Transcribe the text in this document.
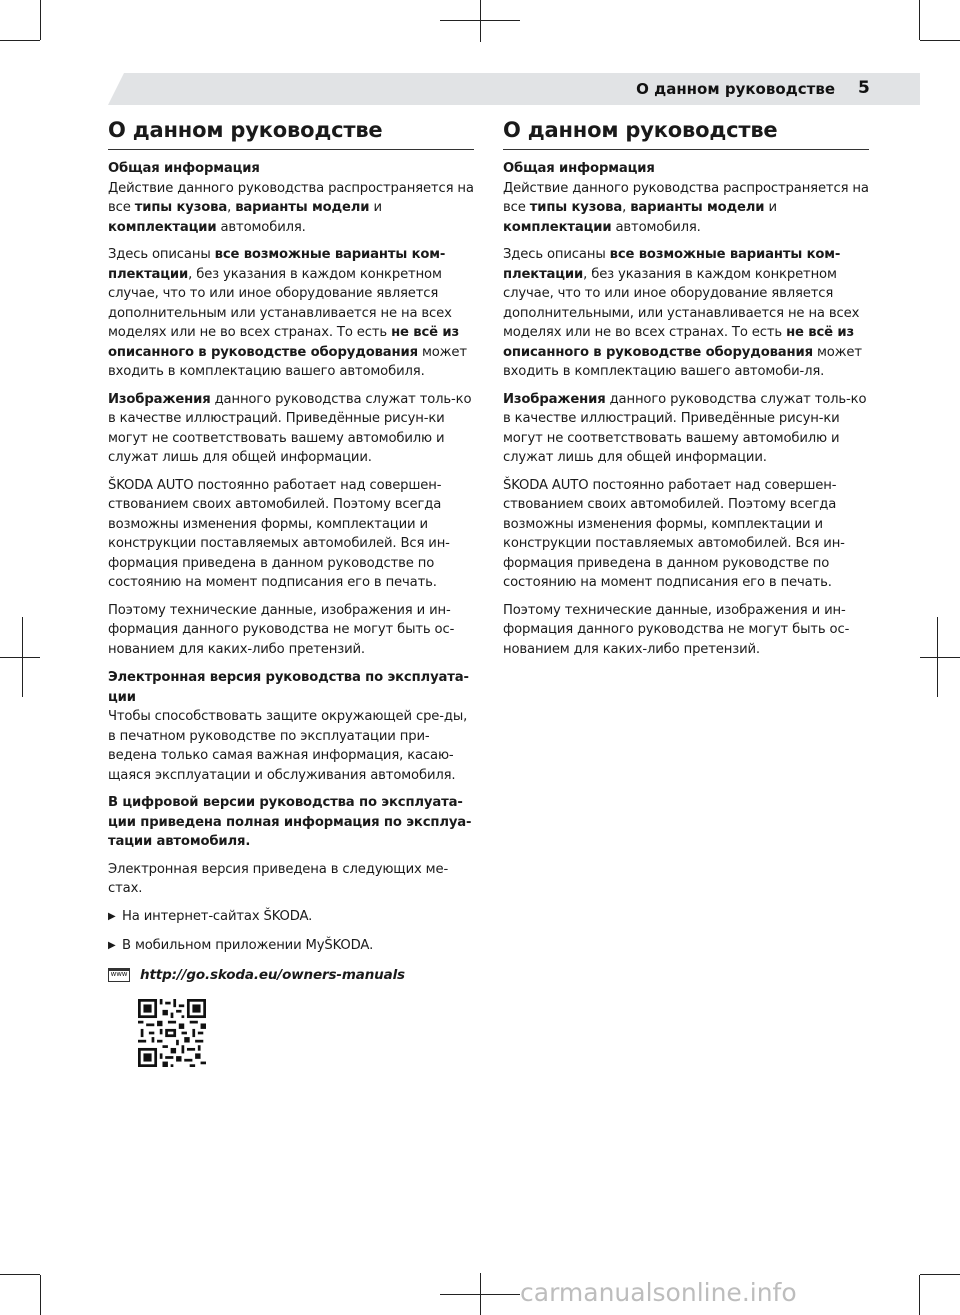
О данном руководстве 5
О данном руководстве

Общая информация
Действие данного руководства распространяется на все типы кузова, варианты модели и комплектации автомобиля.

Здесь описаны все возможные варианты ком-плектации, без указания в каждом конкретном случае, что то или иное оборудование является дополнительным или устанавливается не на всех моделях или не во всех странах. То есть не всё из описанного в руководстве оборудования может входить в комплектацию вашего автомобиля.

Изображения данного руководства служат толь-ко в качестве иллюстраций. Приведённые рисун-ки могут не соответствовать вашему автомобилю и служат лишь для общей информации.

ŠKODA AUTO постоянно работает над совершен-ствованием своих автомобилей. Поэтому всегда возможны изменения формы, комплектации и конструкции поставляемых автомобилей. Вся ин-формация приведена в данном руководстве по состоянию на момент подписания его в печать.

Поэтому технические данные, изображения и ин-формация данного руководства не могут быть ос-нованием для каких-либо претензий.

Электронная версия руководства по эксплуата-ции
Чтобы способствовать защите окружающей сре-ды, в печатном руководстве по эксплуатации при-ведена только самая важная информация, касаю-щаяся эксплуатации и обслуживания автомобиля.

В цифровой версии руководства по эксплуата-ции приведена полная информация по эксплуа-тации автомобиля.

Электронная версия приведена в следующих ме-стах.

▶ На интернет-сайтах ŠKODA.
▶ В мобильном приложении MyŠKODA.
www http://go.skoda.eu/owners-manuals
О данном руководстве

Общая информация
Действие данного руководства распространяется на все типы кузова, варианты модели и комплектации автомобиля.

Здесь описаны все возможные варианты ком-плектации, без указания в каждом конкретном случае, что то или иное оборудование является дополнительными, или устанавливается не на всех моделях или не во всех странах. То есть не всё из описанного в руководстве оборудования может входить в комплектацию вашего автомоби-ля.

Изображения данного руководства служат толь-ко в качестве иллюстраций. Приведённые рисун-ки могут не соответствовать вашему автомобилю и служат лишь для общей информации.

ŠKODA AUTO постоянно работает над совершен-ствованием своих автомобилей. Поэтому всегда возможны изменения формы, комплектации и конструкции поставляемых автомобилей. Вся ин-формация приведена в данном руководстве по состоянию на момент подписания его в печать.

Поэтому технические данные, изображения и ин-формация данного руководства не могут быть ос-нованием для каких-либо претензий.

carmanualsonline.info
